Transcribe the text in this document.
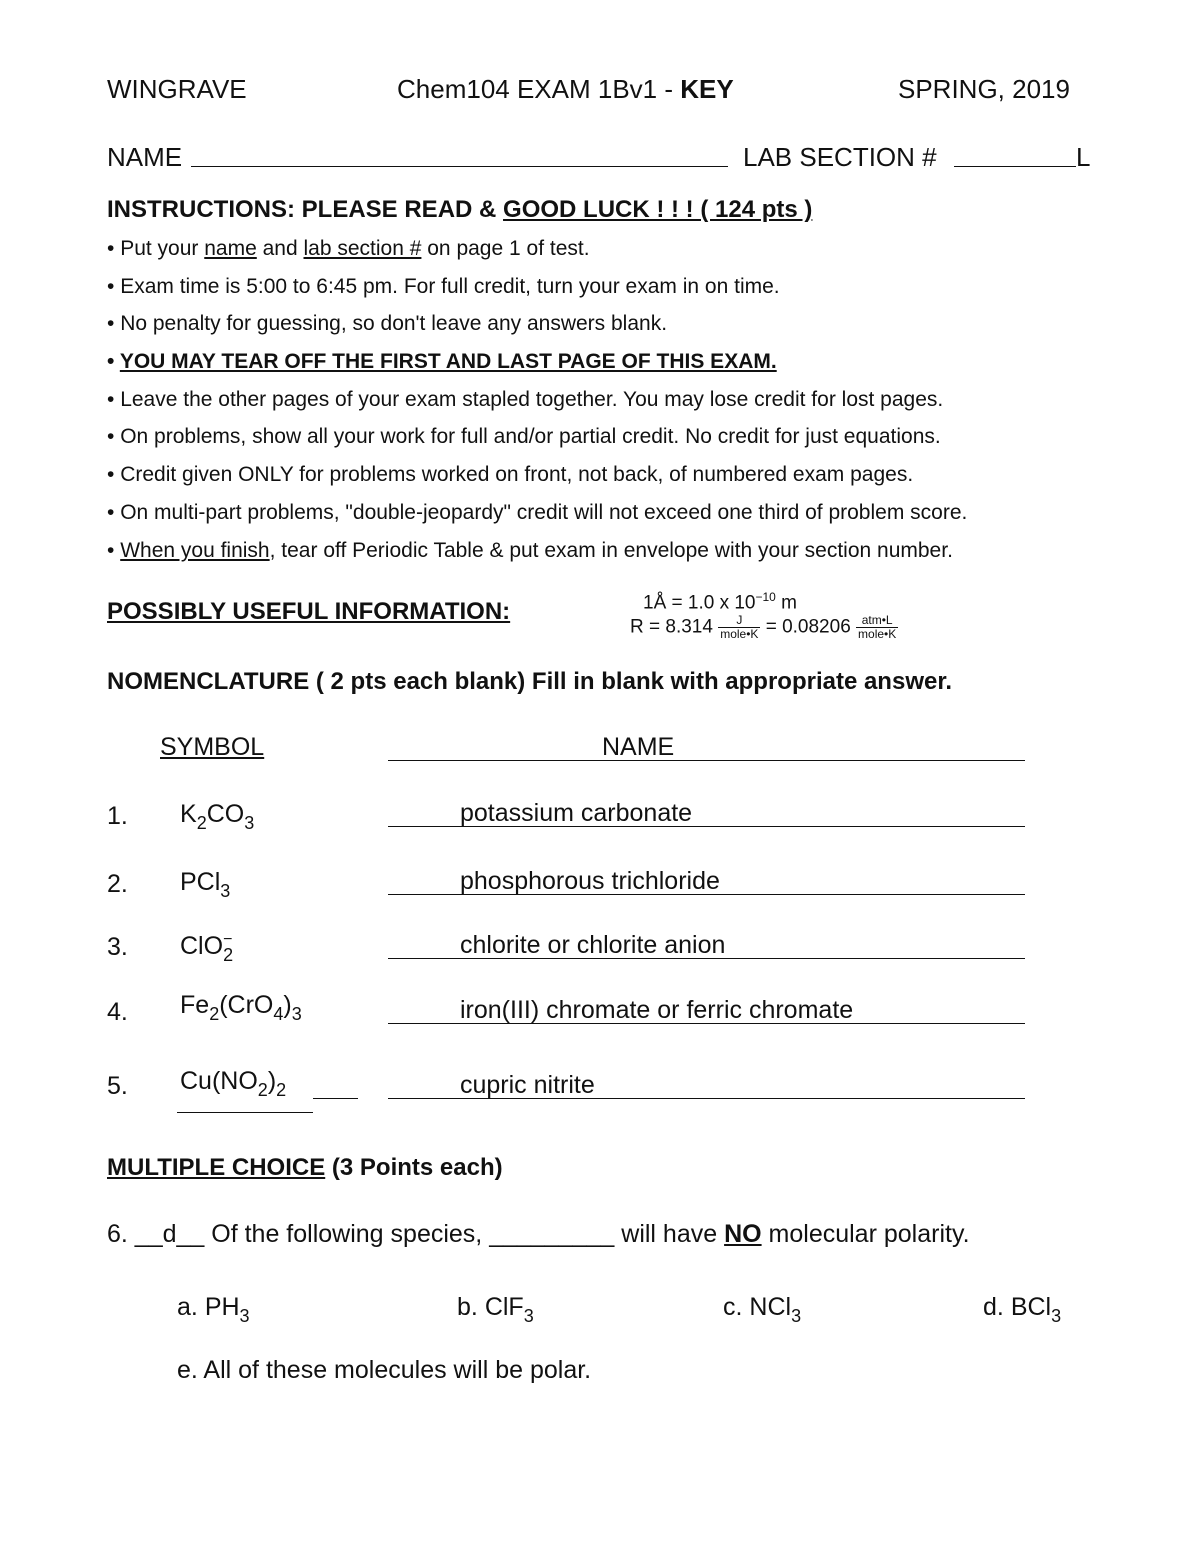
WINGRAVE	Chem104 EXAM 1Bv1 - KEY	SPRING, 2019
NAME	LAB SECTION #	L
INSTRUCTIONS: PLEASE READ & GOOD LUCK ! ! ! ( 124 pts )
• Put your name and lab section # on page 1 of test.
• Exam time is 5:00 to 6:45 pm. For full credit, turn your exam in on time.
• No penalty for guessing, so don't leave any answers blank.
• YOU MAY TEAR OFF THE FIRST AND LAST PAGE OF THIS EXAM.
• Leave the other pages of your exam stapled together. You may lose credit for lost pages.
• On problems, show all your work for full and/or partial credit. No credit for just equations.
• Credit given ONLY for problems worked on front, not back, of numbered exam pages.
• On multi-part problems, "double-jeopardy" credit will not exceed one third of problem score.
• When you finish, tear off Periodic Table & put exam in envelope with your section number.
POSSIBLY USEFUL INFORMATION:	1Å = 1.0 x $10^{-10}$ m
$R = 8.314 \frac{J}{\text{mole•K}} = 0.08206 \frac{\text{atm•L}}{\text{mole•K}}$
NOMENCLATURE ( 2 pts each blank) Fill in blank with appropriate answer.
SYMBOL	NAME
1. $K_2CO_3$	potassium carbonate
2. PCl$_3$	phosphorous trichloride
3. ClO$_2$−	chlorite or chlorite anion
4. $Fe_2(CrO_4)_3$	iron(III) chromate or ferric chromate
5. $Cu(NO_2)_2$	cupric nitrite
MULTIPLE CHOICE (3 Points each)
6. __d__ Of the following species, _________ will have NO molecular polarity.
a. $PH_3$	b. ClF$_3$	c. NCl$_3$	d. BCl$_3$
e. All of these molecules will be polar.
